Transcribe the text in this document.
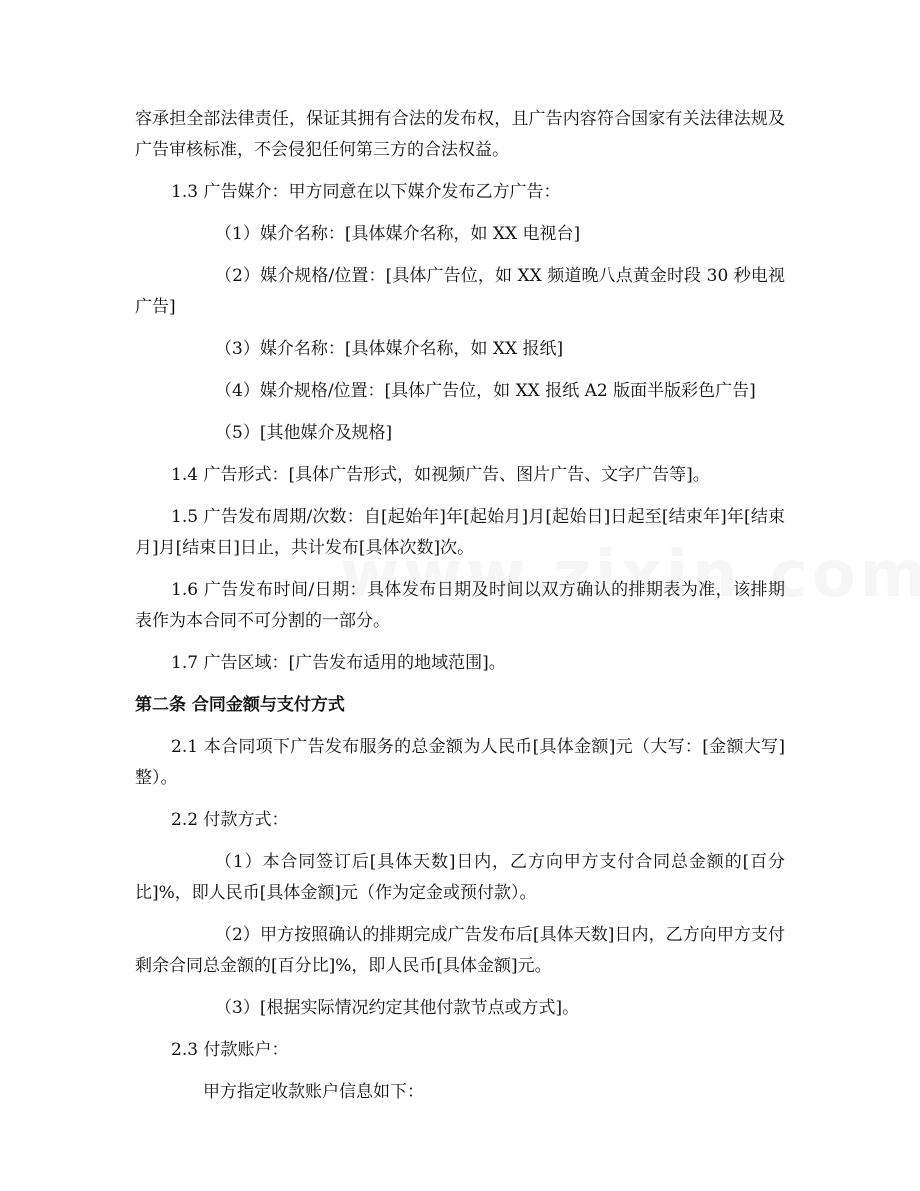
容承担全部法律责任，保证其拥有合法的发布权，且广告内容符合国家有关法律法规及广告审核标准，不会侵犯任何第三方的合法权益。

1.3 广告媒介：甲方同意在以下媒介发布乙方广告：

（1）媒介名称：[具体媒介名称，如 XX 电视台]

（2）媒介规格/位置：[具体广告位，如 XX 频道晚八点黄金时段 30 秒电视广告]

（3）媒介名称：[具体媒介名称，如 XX 报纸]

（4）媒介规格/位置：[具体广告位，如 XX 报纸 A2 版面半版彩色广告]

（5）[其他媒介及规格]

1.4 广告形式：[具体广告形式，如视频广告、图片广告、文字广告等]。

1.5 广告发布周期/次数：自[起始年]年[起始月]月[起始日]日起至[结束年]年[结束月]月[结束日]日止，共计发布[具体次数]次。

1.6 广告发布时间/日期：具体发布日期及时间以双方确认的排期表为准，该排期表作为本合同不可分割的一部分。

1.7 广告区域：[广告发布适用的地域范围]。

第二条 合同金额与支付方式

2.1 本合同项下广告发布服务的总金额为人民币[具体金额]元（大写：[金额大写]整）。

2.2 付款方式：

（1）本合同签订后[具体天数]日内，乙方向甲方支付合同总金额的[百分比]%，即人民币[具体金额]元（作为定金或预付款）。

（2）甲方按照确认的排期完成广告发布后[具体天数]日内，乙方向甲方支付剩余合同总金额的[百分比]%，即人民币[具体金额]元。

（3）[根据实际情况约定其他付款节点或方式]。

2.3 付款账户：

甲方指定收款账户信息如下：
